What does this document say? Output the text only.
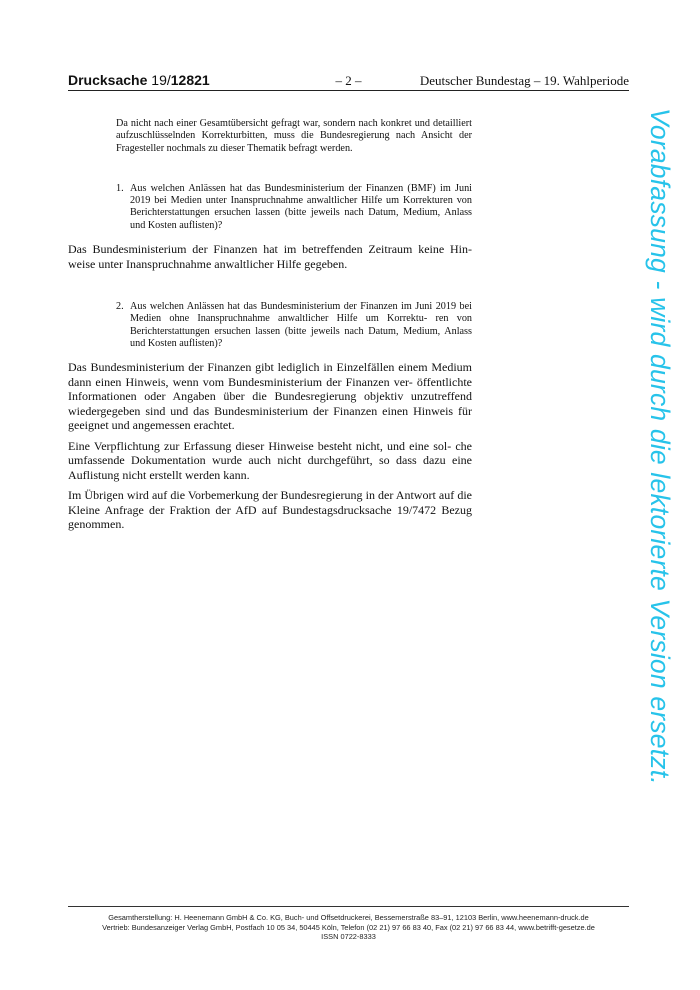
Drucksache 19/12821	– 2 –	Deutscher Bundestag – 19. Wahlperiode

Da nicht nach einer Gesamtübersicht gefragt war, sondern nach konkret und detailliert aufzuschlüsselnden Korrekturbitten, muss die Bundesregierung nach Ansicht der Fragesteller nochmals zu dieser Thematik befragt werden.

1. Aus welchen Anlässen hat das Bundesministerium der Finanzen (BMF) im Juni 2019 bei Medien unter Inanspruchnahme anwaltlicher Hilfe um Korrekturen von Berichterstattungen ersuchen lassen (bitte jeweils nach Datum, Medium, Anlass und Kosten auflisten)?

Das Bundesministerium der Finanzen hat im betreffenden Zeitraum keine Hin- weise unter Inanspruchnahme anwaltlicher Hilfe gegeben.

2. Aus welchen Anlässen hat das Bundesministerium der Finanzen im Juni 2019 bei Medien ohne Inanspruchnahme anwaltlicher Hilfe um Korrektu- ren von Berichterstattungen ersuchen lassen (bitte jeweils nach Datum, Medium, Anlass und Kosten auflisten)?

Das Bundesministerium der Finanzen gibt lediglich in Einzelfällen einem Medium dann einen Hinweis, wenn vom Bundesministerium der Finanzen ver- öffentlichte Informationen oder Angaben über die Bundesregierung objektiv unzutreffend wiedergegeben sind und das Bundesministerium der Finanzen einen Hinweis für geeignet und angemessen erachtet.

Eine Verpflichtung zur Erfassung dieser Hinweise besteht nicht, und eine sol- che umfassende Dokumentation wurde auch nicht durchgeführt, so dass dazu eine Auflistung nicht erstellt werden kann.

Im Übrigen wird auf die Vorbemerkung der Bundesregierung in der Antwort auf die Kleine Anfrage der Fraktion der AfD auf Bundestagsdrucksache 19/7472 Bezug genommen.	Vorabfassung - wird durch die lektorierte Version ersetzt.
Gesamtherstellung: H. Heenemann GmbH & Co. KG, Buch- und Offsetdruckerei, Bessemerstraße 83–91, 12103 Berlin, www.heenemann-druck.de
Vertrieb: Bundesanzeiger Verlag GmbH, Postfach 10 05 34, 50445 Köln, Telefon (02 21) 97 66 83 40, Fax (02 21) 97 66 83 44, www.betrifft-gesetze.de
ISSN 0722-8333
